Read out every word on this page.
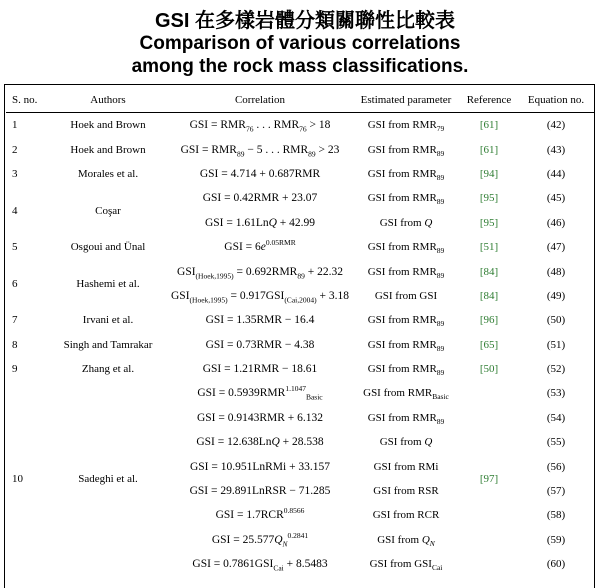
GSI 在多樣岩體分類關聯性比較表
Comparison of various correlations
among the rock mass classifications.
S. no.	Authors	Correlation	Estimated parameter	Reference	Equation no.
1	Hoek and Brown	GSI = $RMR_{76}$ . . . $RMR_{76} > 18$	GSI from $RMR_{79}$	[61]	(42)
2	Hoek and Brown	GSI = $RMR_{89} - 5$ . . . $RMR_{89} > 23$	GSI from $RMR_{89}$	[61]	(43)
3	Morales et al.	GSI = 4.714 + 0.687RMR	GSI from $RMR_{89}$	[94]	(44)
4	Coşar	GSI = 0.42RMR + 23.07	GSI from $RMR_{89}$	[95]	(45)
		GSI = 1.61LnQ + 42.99	GSI from Q	[95]	(46)
5	Osgoui and Ünal	GSI = $6e^{0.05RMR}$	GSI from $RMR_{89}$	[51]	(47)
6	Hashemi et al.	$GSI_{(Hoek,1995)} = 0.692RMR_{89} + 22.32$	GSI from $RMR_{89}$	[84]	(48)
		$GSI_{(Hoek,1995)} = 0.917GSI_{(Cai,2004)} + 3.18$	GSI from GSI	[84]	(49)
7	Irvani et al.	GSI = 1.35RMR − 16.4	GSI from $RMR_{89}$	[96]	(50)
8	Singh and Tamrakar	GSI = 0.73RMR − 4.38	GSI from $RMR_{89}$	[65]	(51)
9	Zhang et al.	GSI = 1.21RMR − 18.61	GSI from $RMR_{89}$	[50]	(52)
10	Sadeghi et al.	GSI = $0.5939RMR^{1.1047}_{Basic}$	GSI from $RMR_{Basic}$	[97]	(53)
		GSI = 0.9143RMR + 6.132	GSI from $RMR_{89}$		(54)
		GSI = 12.638LnQ + 28.538	GSI from Q		(55)
		GSI = 10.951LnRMi + 33.157	GSI from RMi		(56)
		GSI = 29.891LnRSR − 71.285	GSI from RSR		(57)
		GSI = $1.7RCR^{0.8566}$	GSI from RCR		(58)
		GSI = $25.577Q_N^{0.2841}$	GSI from $Q_N$		(59)
		GSI = $0.7861GSI_{Cai} + 8.5483$	GSI from $GSI_{Cai}$		(60)
